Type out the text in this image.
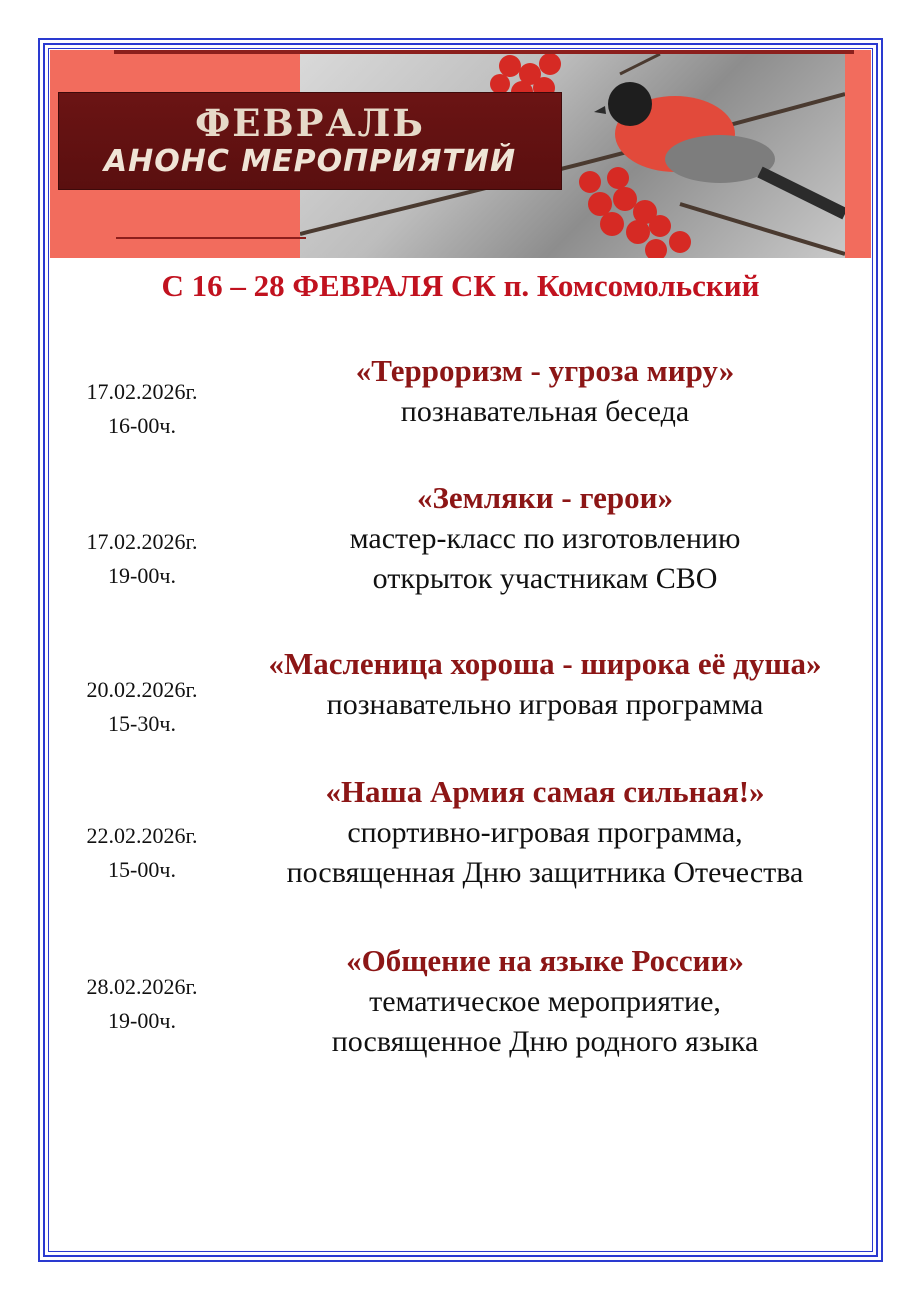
ФЕВРАЛЬ
АНОНС МЕРОПРИЯТИЙ
С 16 – 28 ФЕВРАЛЯ СК п. Комсомольский
17.02.2026г.
16-00ч.
«Терроризм - угроза миру»
познавательная беседа
17.02.2026г.
19-00ч.
«Земляки - герои»
мастер-класс по изготовлению
открыток участникам СВО
20.02.2026г.
15-30ч.
«Масленица хороша - широка её душа»
познавательно игровая программа
22.02.2026г.
15-00ч.
«Наша Армия самая сильная!»
спортивно-игровая программа,
посвященная Дню защитника Отечества
28.02.2026г.
19-00ч.
«Общение на языке России»
тематическое мероприятие,
посвященное Дню родного языка
